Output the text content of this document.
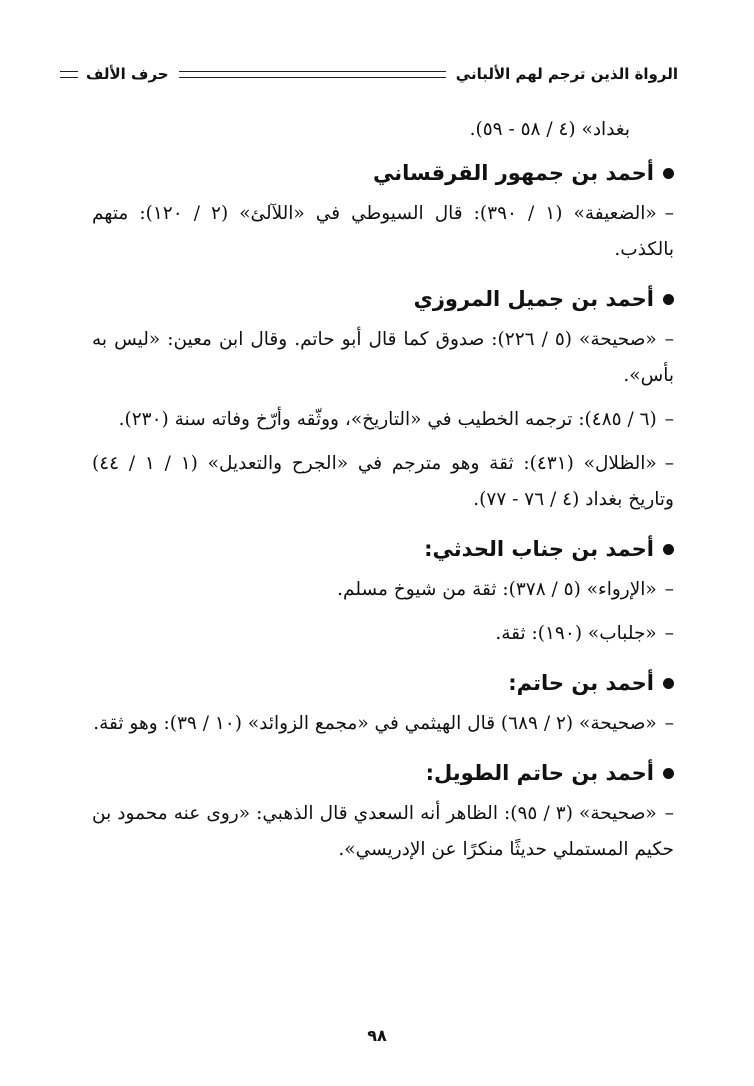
الرواة الذين ترجم لهم الألباني
حرف الألف

بغداد» (٤ / ٥٨ - ٥٩).

أحمد بن جمهور القرقساني

–«الضعيفة» (١ / ٣٩٠): قال السيوطي في «اللآلئ» (٢ / ١٢٠): متهم بالكذب.

أحمد بن جميل المروزي

–«صحيحة» (٥ / ٢٢٦): صدوق كما قال أبو حاتم. وقال ابن معين: «ليس به بأس».

–(٦ / ٤٨٥): ترجمه الخطيب في «التاريخ»، ووثّقه وأرّخ وفاته سنة (٢٣٠).

–«الظلال» (٤٣١): ثقة وهو مترجم في «الجرح والتعديل» (١ / ١ / ٤٤) وتاريخ بغداد (٤ / ٧٦ - ٧٧).

أحمد بن جناب الحدثي:

–«الإرواء» (٥ / ٣٧٨): ثقة من شيوخ مسلم.

–«جلباب» (١٩٠): ثقة.

أحمد بن حاتم:

–«صحيحة» (٢ / ٦٨٩) قال الهيثمي في «مجمع الزوائد» (١٠ / ٣٩): وهو ثقة.

أحمد بن حاتم الطويل:

–«صحيحة» (٣ / ٩٥): الظاهر أنه السعدي قال الذهبي: «روى عنه محمود بن حكيم المستملي حديثًا منكرًا عن الإدريسي».

٩٨
